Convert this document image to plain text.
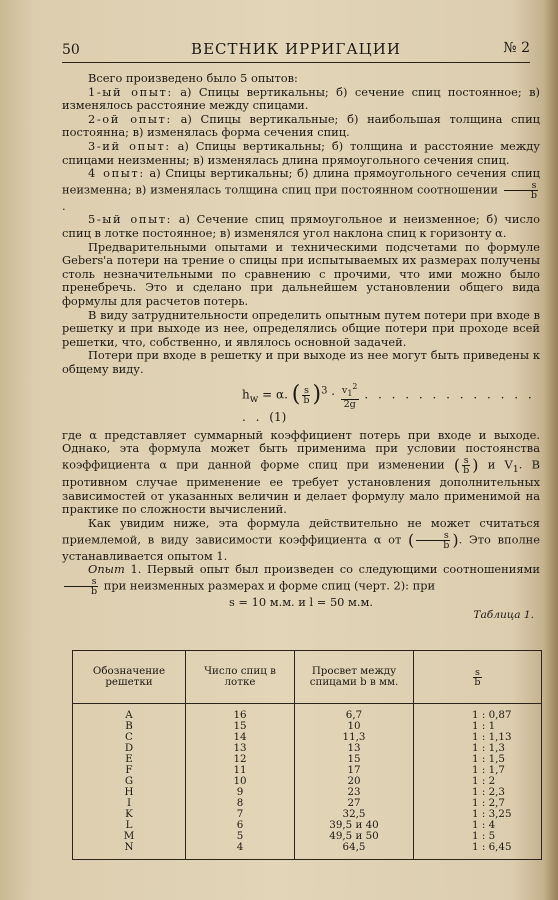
50	ВЕСТНИК ИРРИГАЦИИ	№ 2

Всего произведено было 5 опытов:

1-ый опыт: а) Спицы вертикальны; б) сечение спиц постоянное; в) изменялось расстояние между спицами.

2-ой опыт: а) Спицы вертикальные; б) наибольшая толщина спиц постоянна; в) изменялась форма сечения спиц.

3-ий опыт: а) Спицы вертикальны; б) толщина и расстояние между спицами неизменны; в) изменялась длина прямоугольного сечения спиц.

4 опыт: а) Спицы вертикальны; б) длина прямоугольного сечения спиц неизменна; в) изменялась толщина спиц при постоянном соотношении $\frac{s}{b}$
.

5-ый опыт: а) Сечение спиц прямоугольное и неизменное; б) число спиц в лотке постоянное; в) изменялся угол наклона спиц к горизонту α.

Предварительными опытами и техническими подсчетами по формуле Gebers'а потери на трение о спицы при испытываемых их размерах получены столь незначительными по сравнению с прочими, что ими можно было пренебречь. Это и сделано при дальнейшем установлении общего вида формулы для расчетов потерь.

В виду затруднительности определить опытным путем потери при входе в решетку и при выходе из нее, определялись общие потери при проходе всей решетки, что, собственно, и являлось основной задачей.

Потери при входе в решетку и при выходе из нее могут быть приведены к общему виду.

$h_w = \alpha$. ( $\frac{s}{b} )^3 \cdot \frac{v_1^2}{2g}$ . . . . . . . . . . . . . . . (1)

где α представляет суммарный коэффициент потерь при входе и выходе. Однако, эта формула может быть применима при условии постоянства коэффициента α при данной форме спиц при изменении ( $\frac{s}{b}$ ) и $V_1$. В противном случае применение ее требует установления дополнительных зависимостей от указанных величин и делает формулу мало применимой на практике по сложности вычислений.

Как увидим ниже, эта формула действительно не может считаться приемлемой, в виду зависимости коэффициента α от ( $\frac{s}{b}$ ). Это вполне устанавливается опытом 1.

Опыт 1. Первый опыт был произведен со следующими соотношениями
$\frac{s}{b}$ при неизменных размерах и форме спиц (черт. 2): при

s = 10 м.м. и l = 50 м.м.

Таблица 1.

Обозначение решетки	Число спиц в лотке	Просвет между спицами b в мм.	$\frac{s}{b}$

A	16	6,7	1 : 0,87
B	15	10	1 : 1
C	14	11,3	1 : 1,13
D	13	13	1 : 1,3
E	12	15	1 : 1,5
F	11	17	1 : 1,7
G	10	20	1 : 2
H	9	23	1 : 2,3
I	8	27	1 : 2,7
K	7	32,5	1 : 3,25
L	6	39,5 и 40	1 : 4
M	5	49,5 и 50	1 : 5
N	4	64,5	1 : 6,45
